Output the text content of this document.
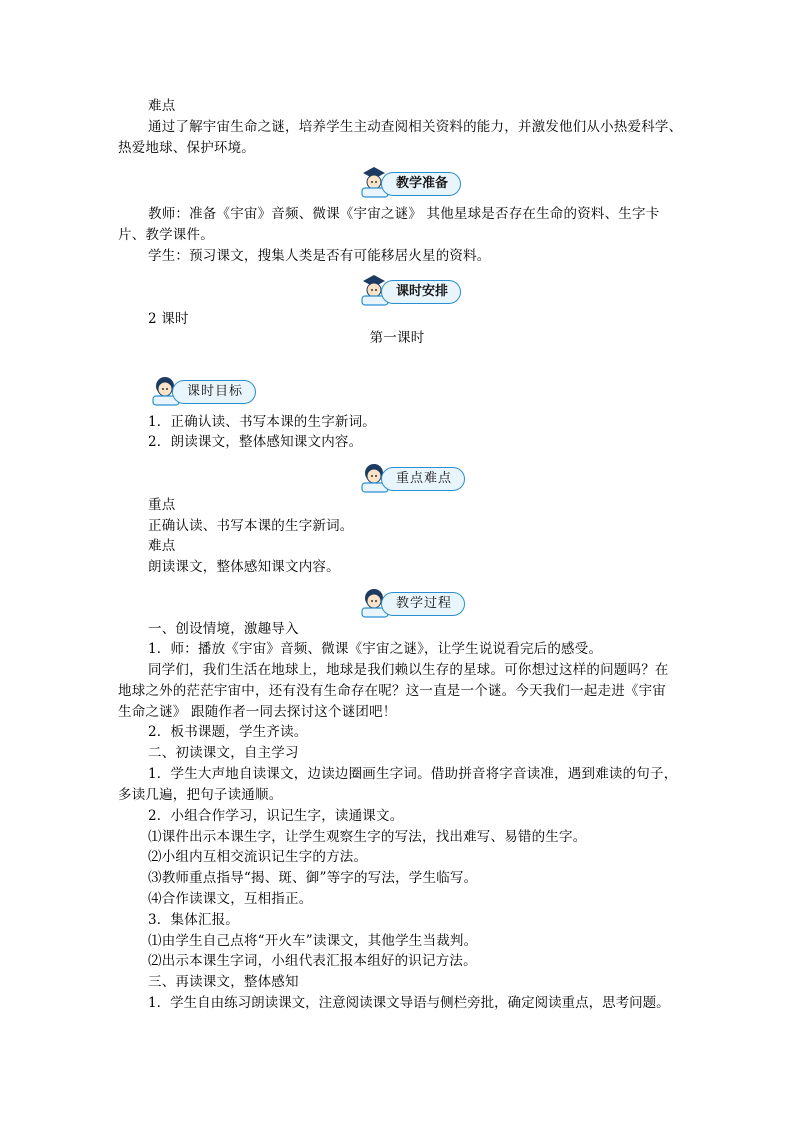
难点
通过了解宇宙生命之谜，培养学生主动查阅相关资料的能力，并激发他们从小热爱科学、
热爱地球、保护环境。
教学准备
教师：准备《宇宙》音频、微课《宇宙之谜》 其他星球是否存在生命的资料、生字卡
片、教学课件。
学生：预习课文，搜集人类是否有可能移居火星的资料。
课时安排
2 课时
第一课时
课时目标
1．正确认读、书写本课的生字新词。
2．朗读课文，整体感知课文内容。
重点难点
重点
正确认读、书写本课的生字新词。
难点
朗读课文，整体感知课文内容。
教学过程
一、创设情境，激趣导入
1．师：播放《宇宙》音频、微课《宇宙之谜》，让学生说说看完后的感受。
同学们，我们生活在地球上，地球是我们赖以生存的星球。可你想过这样的问题吗？在
地球之外的茫茫宇宙中，还有没有生命存在呢？这一直是一个谜。今天我们一起走进《宇宙
生命之谜》 跟随作者一同去探讨这个谜团吧！
2．板书课题，学生齐读。
二、初读课文，自主学习
1．学生大声地自读课文，边读边圈画生字词。借助拼音将字音读准，遇到难读的句子，
多读几遍，把句子读通顺。
2．小组合作学习，识记生字，读通课文。
⑴课件出示本课生字，让学生观察生字的写法，找出难写、易错的生字。
⑵小组内互相交流识记生字的方法。
⑶教师重点指导“揭、斑、御”等字的写法，学生临写。
⑷合作读课文，互相指正。
3．集体汇报。
⑴由学生自己点将“开火车”读课文，其他学生当裁判。
⑵出示本课生字词，小组代表汇报本组好的识记方法。
三、再读课文，整体感知
1．学生自由练习朗读课文，注意阅读课文导语与侧栏旁批，确定阅读重点，思考问题。
